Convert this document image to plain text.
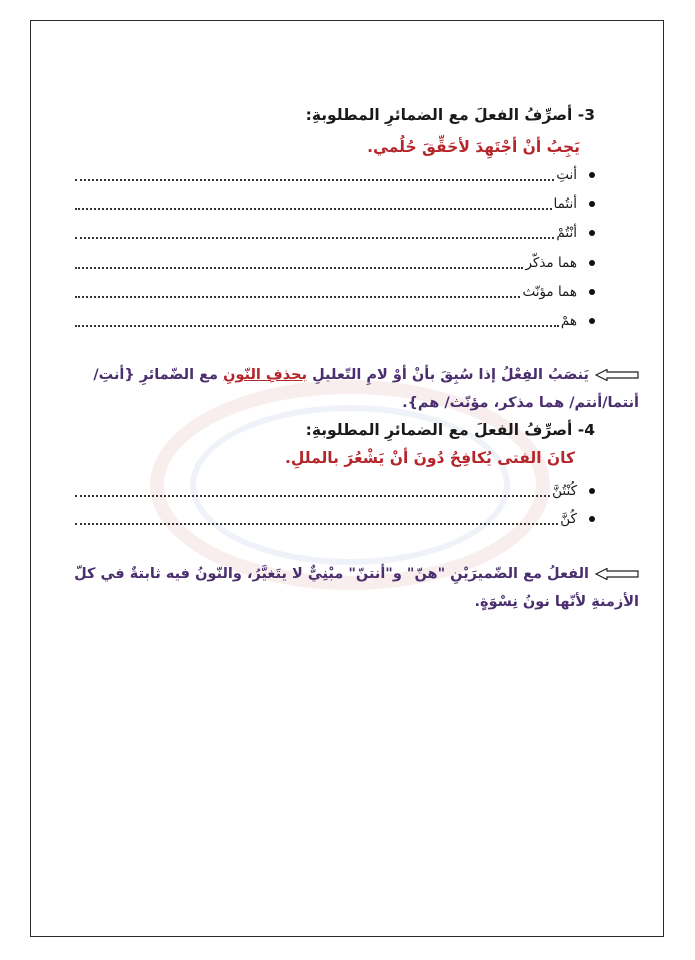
3- أصرِّفُ الفعلَ مع الضمائرِ المطلوبةِ:
يَجِبُ أنْ أجْتَهِدَ لأحَقِّقَ حُلُمي.
أنتِ
أنتُما
أنْتُمْ
هما مذكّر
هما مؤنّث
همْ
يَنصَبُ الفِعْلُ إذا سُبِقَ بأنْ أوْ لامِ التّعليلِ بحذفِ النّونِ مع الضّمائرِ {أنتِ/ أنتما/أنتم/ هما مذكر، مؤنّث/ هم}.
4- أصرِّفُ الفعلَ مع الضمائرِ المطلوبةِ:
كانَ الفتى يُكافِحُ دُونَ أنْ يَشْعُرَ بالمللِ.
كُنْتُنَّ
كُنَّ
الفعلُ مع الضّميرَيْنِ "هنّ" و"أنتنّ" مبْنِيٌّ لا يتَغيَّرُ، والنّونُ فيه ثابتةٌ في كلّ الأزمنةِ لأنّها نونُ نِسْوَةٍ.
